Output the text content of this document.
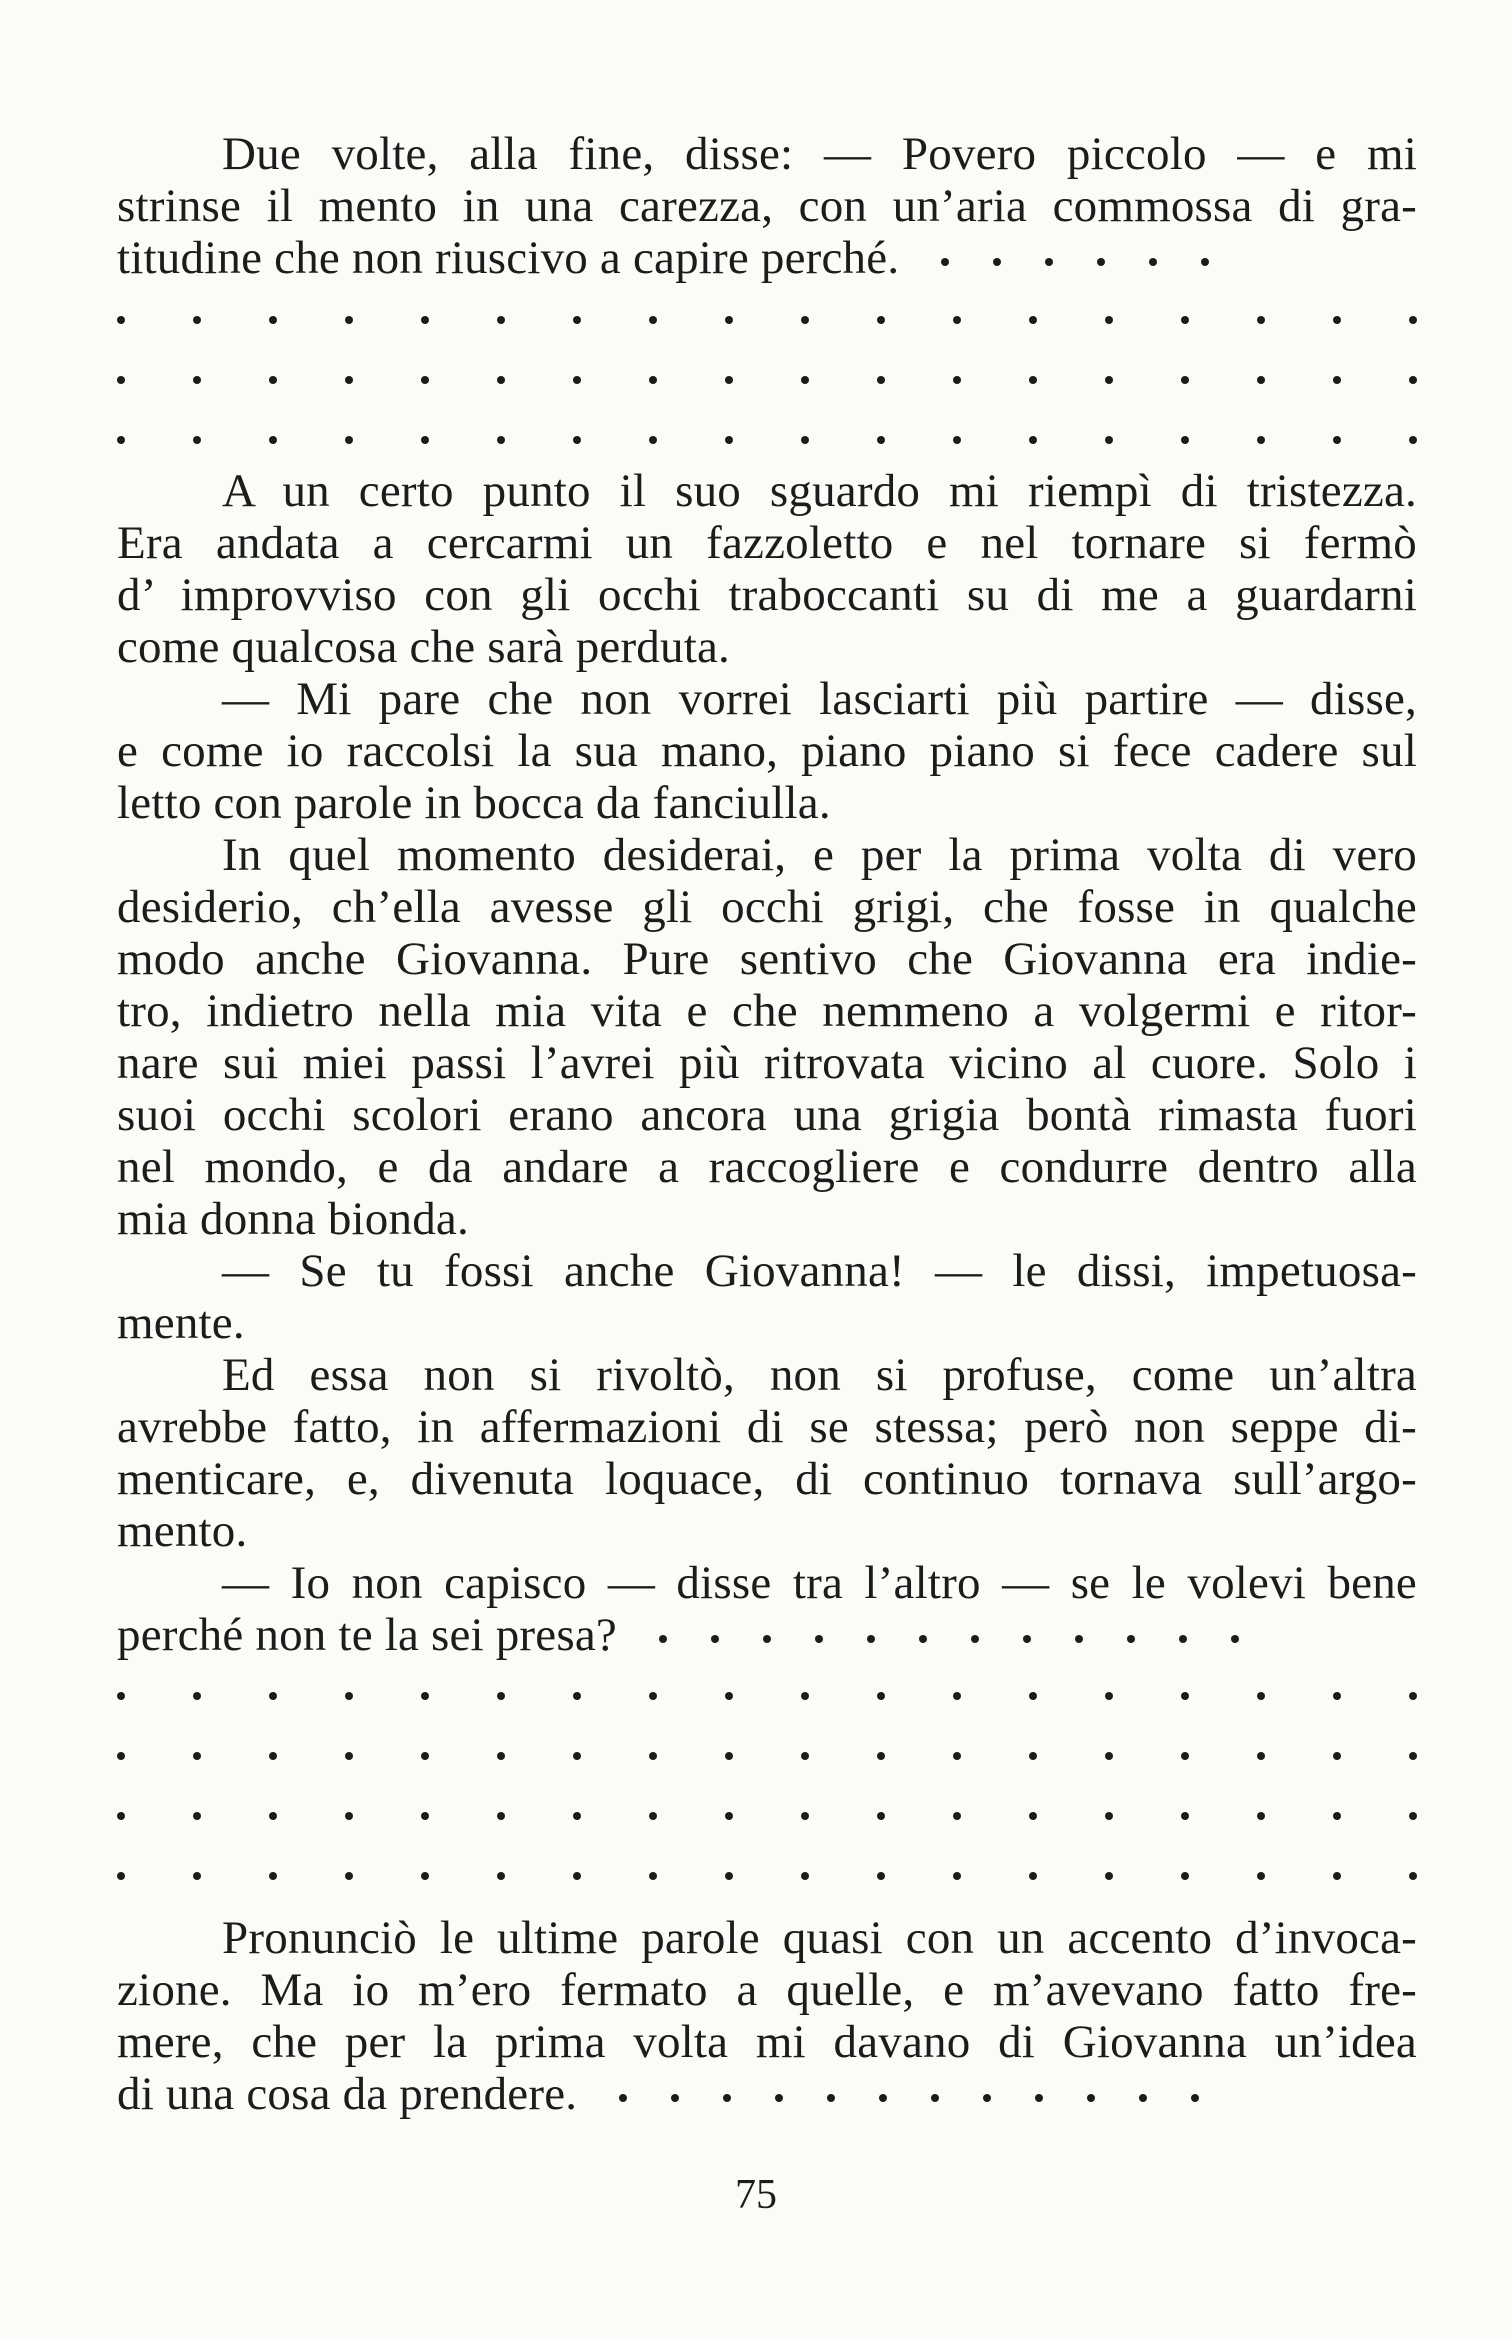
Due volte, alla fine, disse: — Povero piccolo — e mi
strinse il mento in una carezza, con un’aria commossa di gra-
titudine che non riuscivo a capire perché.
A un certo punto il suo sguardo mi riempì di tristezza.
Era andata a cercarmi un fazzoletto e nel tornare si fermò
d’ improvviso con gli occhi traboccanti su di me a guardarni
come qualcosa che sarà perduta.
— Mi pare che non vorrei lasciarti più partire — disse,
e come io raccolsi la sua mano, piano piano si fece cadere sul
letto con parole in bocca da fanciulla.
In quel momento desiderai, e per la prima volta di vero
desiderio, ch’ella avesse gli occhi grigi, che fosse in qualche
modo anche Giovanna. Pure sentivo che Giovanna era indie-
tro, indietro nella mia vita e che nemmeno a volgermi e ritor-
nare sui miei passi l’avrei più ritrovata vicino al cuore. Solo i
suoi occhi scolori erano ancora una grigia bontà rimasta fuori
nel mondo, e da andare a raccogliere e condurre dentro alla
mia donna bionda.
— Se tu fossi anche Giovanna! — le dissi, impetuosa-
mente.
Ed essa non si rivoltò, non si profuse, come un’altra
avrebbe fatto, in affermazioni di se stessa; però non seppe di-
menticare, e, divenuta loquace, di continuo tornava sull’argo-
mento.
— Io non capisco — disse tra l’altro — se le volevi bene
perché non te la sei presa?
Pronunciò le ultime parole quasi con un accento d’invoca-
zione. Ma io m’ero fermato a quelle, e m’avevano fatto fre-
mere, che per la prima volta mi davano di Giovanna un’idea
di una cosa da prendere.
75
